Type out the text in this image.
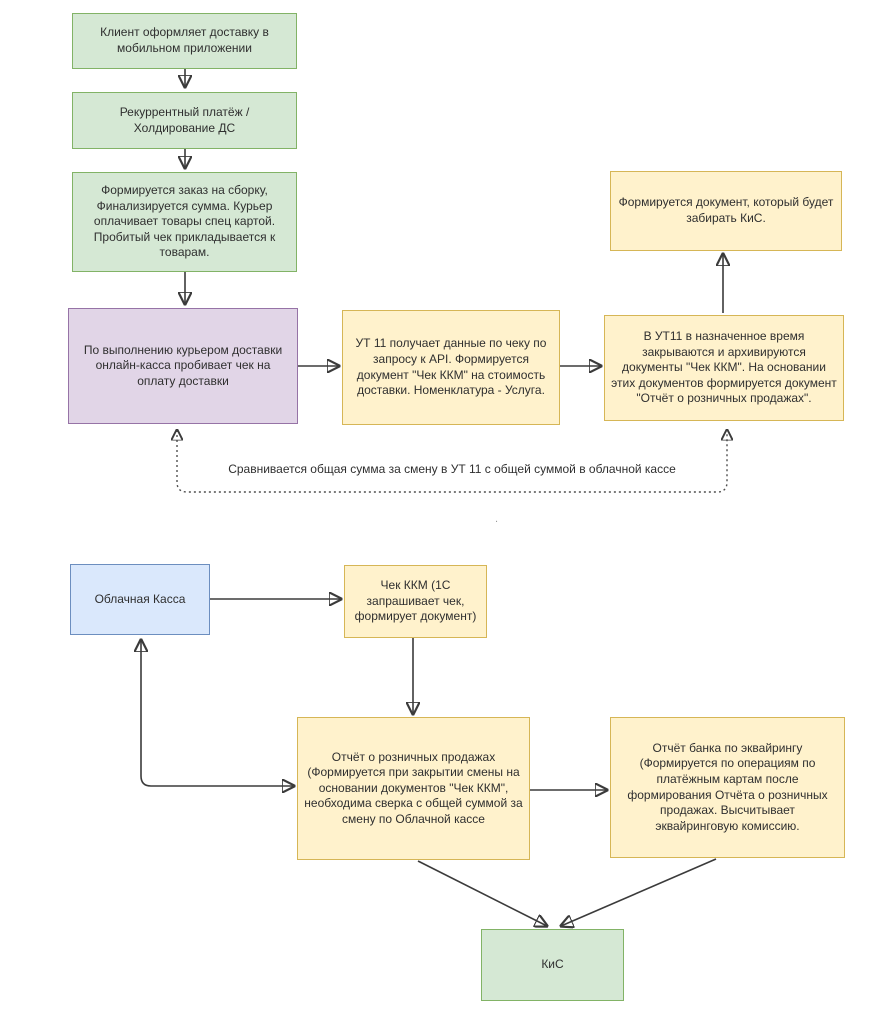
Клиент оформляет доставку в мобильном приложении
Рекуррентный платёж / Холдирование ДС
Формируется заказ на сборку, Финализируется сумма. Курьер оплачивает товары спец картой. Пробитый чек прикладывается к товарам.
По выполнению курьером доставки онлайн-касса пробивает чек на оплату доставки
УТ 11 получает данные по чеку по запросу к API. Формируется документ "Чек ККМ" на стоимость доставки. Номенклатура - Услуга.
В УТ11 в назначенное время закрываются и архивируются документы "Чек ККМ". На основании этих документов формируется документ "Отчёт о розничных продажах".
Формируется документ, который будет забирать КиС.
Облачная Касса
Чек ККМ (1С запрашивает чек, формирует документ)
Отчёт о розничных продажах (Формируется при закрытии смены на основании документов "Чек ККМ", необходима сверка с общей суммой за смену по Облачной кассе
Отчёт банка по эквайрингу (Формируется по операциям по платёжным картам после формирования Отчёта о розничных продажах. Высчитывает эквайринговую комиссию.
КиС
Сравнивается общая сумма за смену в УТ 11 с общей суммой в облачной кассе
.
